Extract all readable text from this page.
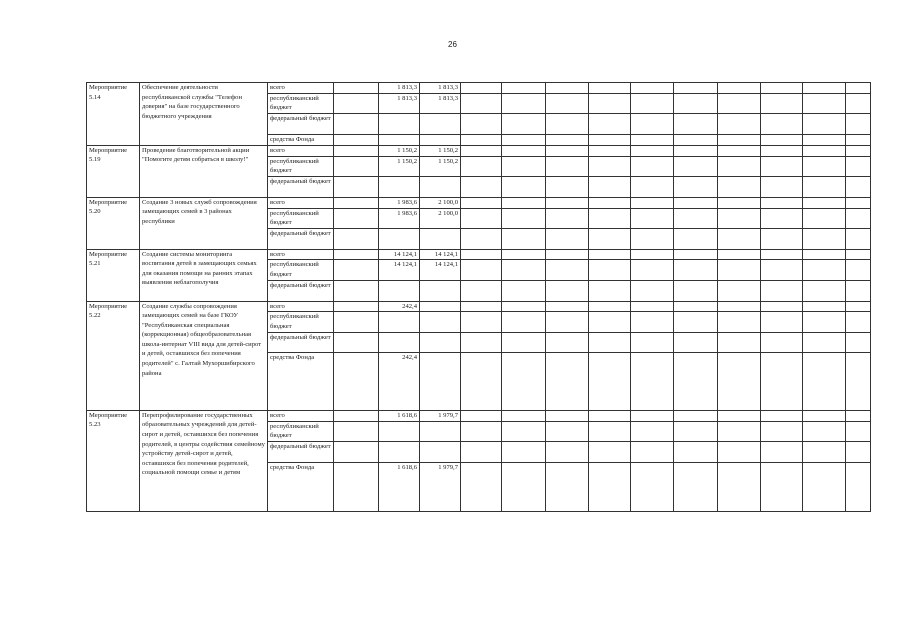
26
Мероприятие 5.14	Обеспечение деятельности республиканской службы "Телефон доверия" на базе государственного бюджетного учреждения	всего		1 813,3	1 813,3										
		республиканский бюджет		1 813,3	1 813,3										
		федеральный бюджет													
		средства Фонда													
Мероприятие 5.19	Проведение благотворительной акции "Помогите детям собраться в школу!"	всего		1 150,2	1 150,2										
		республиканский бюджет		1 150,2	1 150,2										
		федеральный бюджет													
Мероприятие 5.20	Создание 3 новых служб сопровождения замещающих семей в 3 районах республики	всего		1 983,6	2 100,0										
		республиканский бюджет		1 983,6	2 100,0										
		федеральный бюджет													
Мероприятие 5.21	Создание системы мониторинга воспитания детей в замещающих семьях для оказания помощи на ранних этапах выявления неблагополучия	всего		14 124,1	14 124,1										
		республиканский бюджет		14 124,1	14 124,1										
		федеральный бюджет													
Мероприятие 5.22	Создание службы сопровождения замещающих семей на базе ГКОУ "Республиканская специальная (коррекционная) общеобразовательная школа-интернат VIII вида для детей-сирот и детей, оставшихся без попечения родителей" с. Галтай Мухоршибирского района	всего		242,4											
		республиканский бюджет													
		федеральный бюджет													
		средства Фонда		242,4											
Мероприятие 5.23	Перепрофилирование государственных образовательных учреждений для детей-сирот и детей, оставшихся без попечения родителей, в центры содействия семейному устройству детей-сирот и детей, оставшихся без попечения родителей, социальной помощи семье и детям	всего		1 618,6	1 979,7										
		республиканский бюджет													
		федеральный бюджет													
		средства Фонда		1 618,6	1 979,7										
